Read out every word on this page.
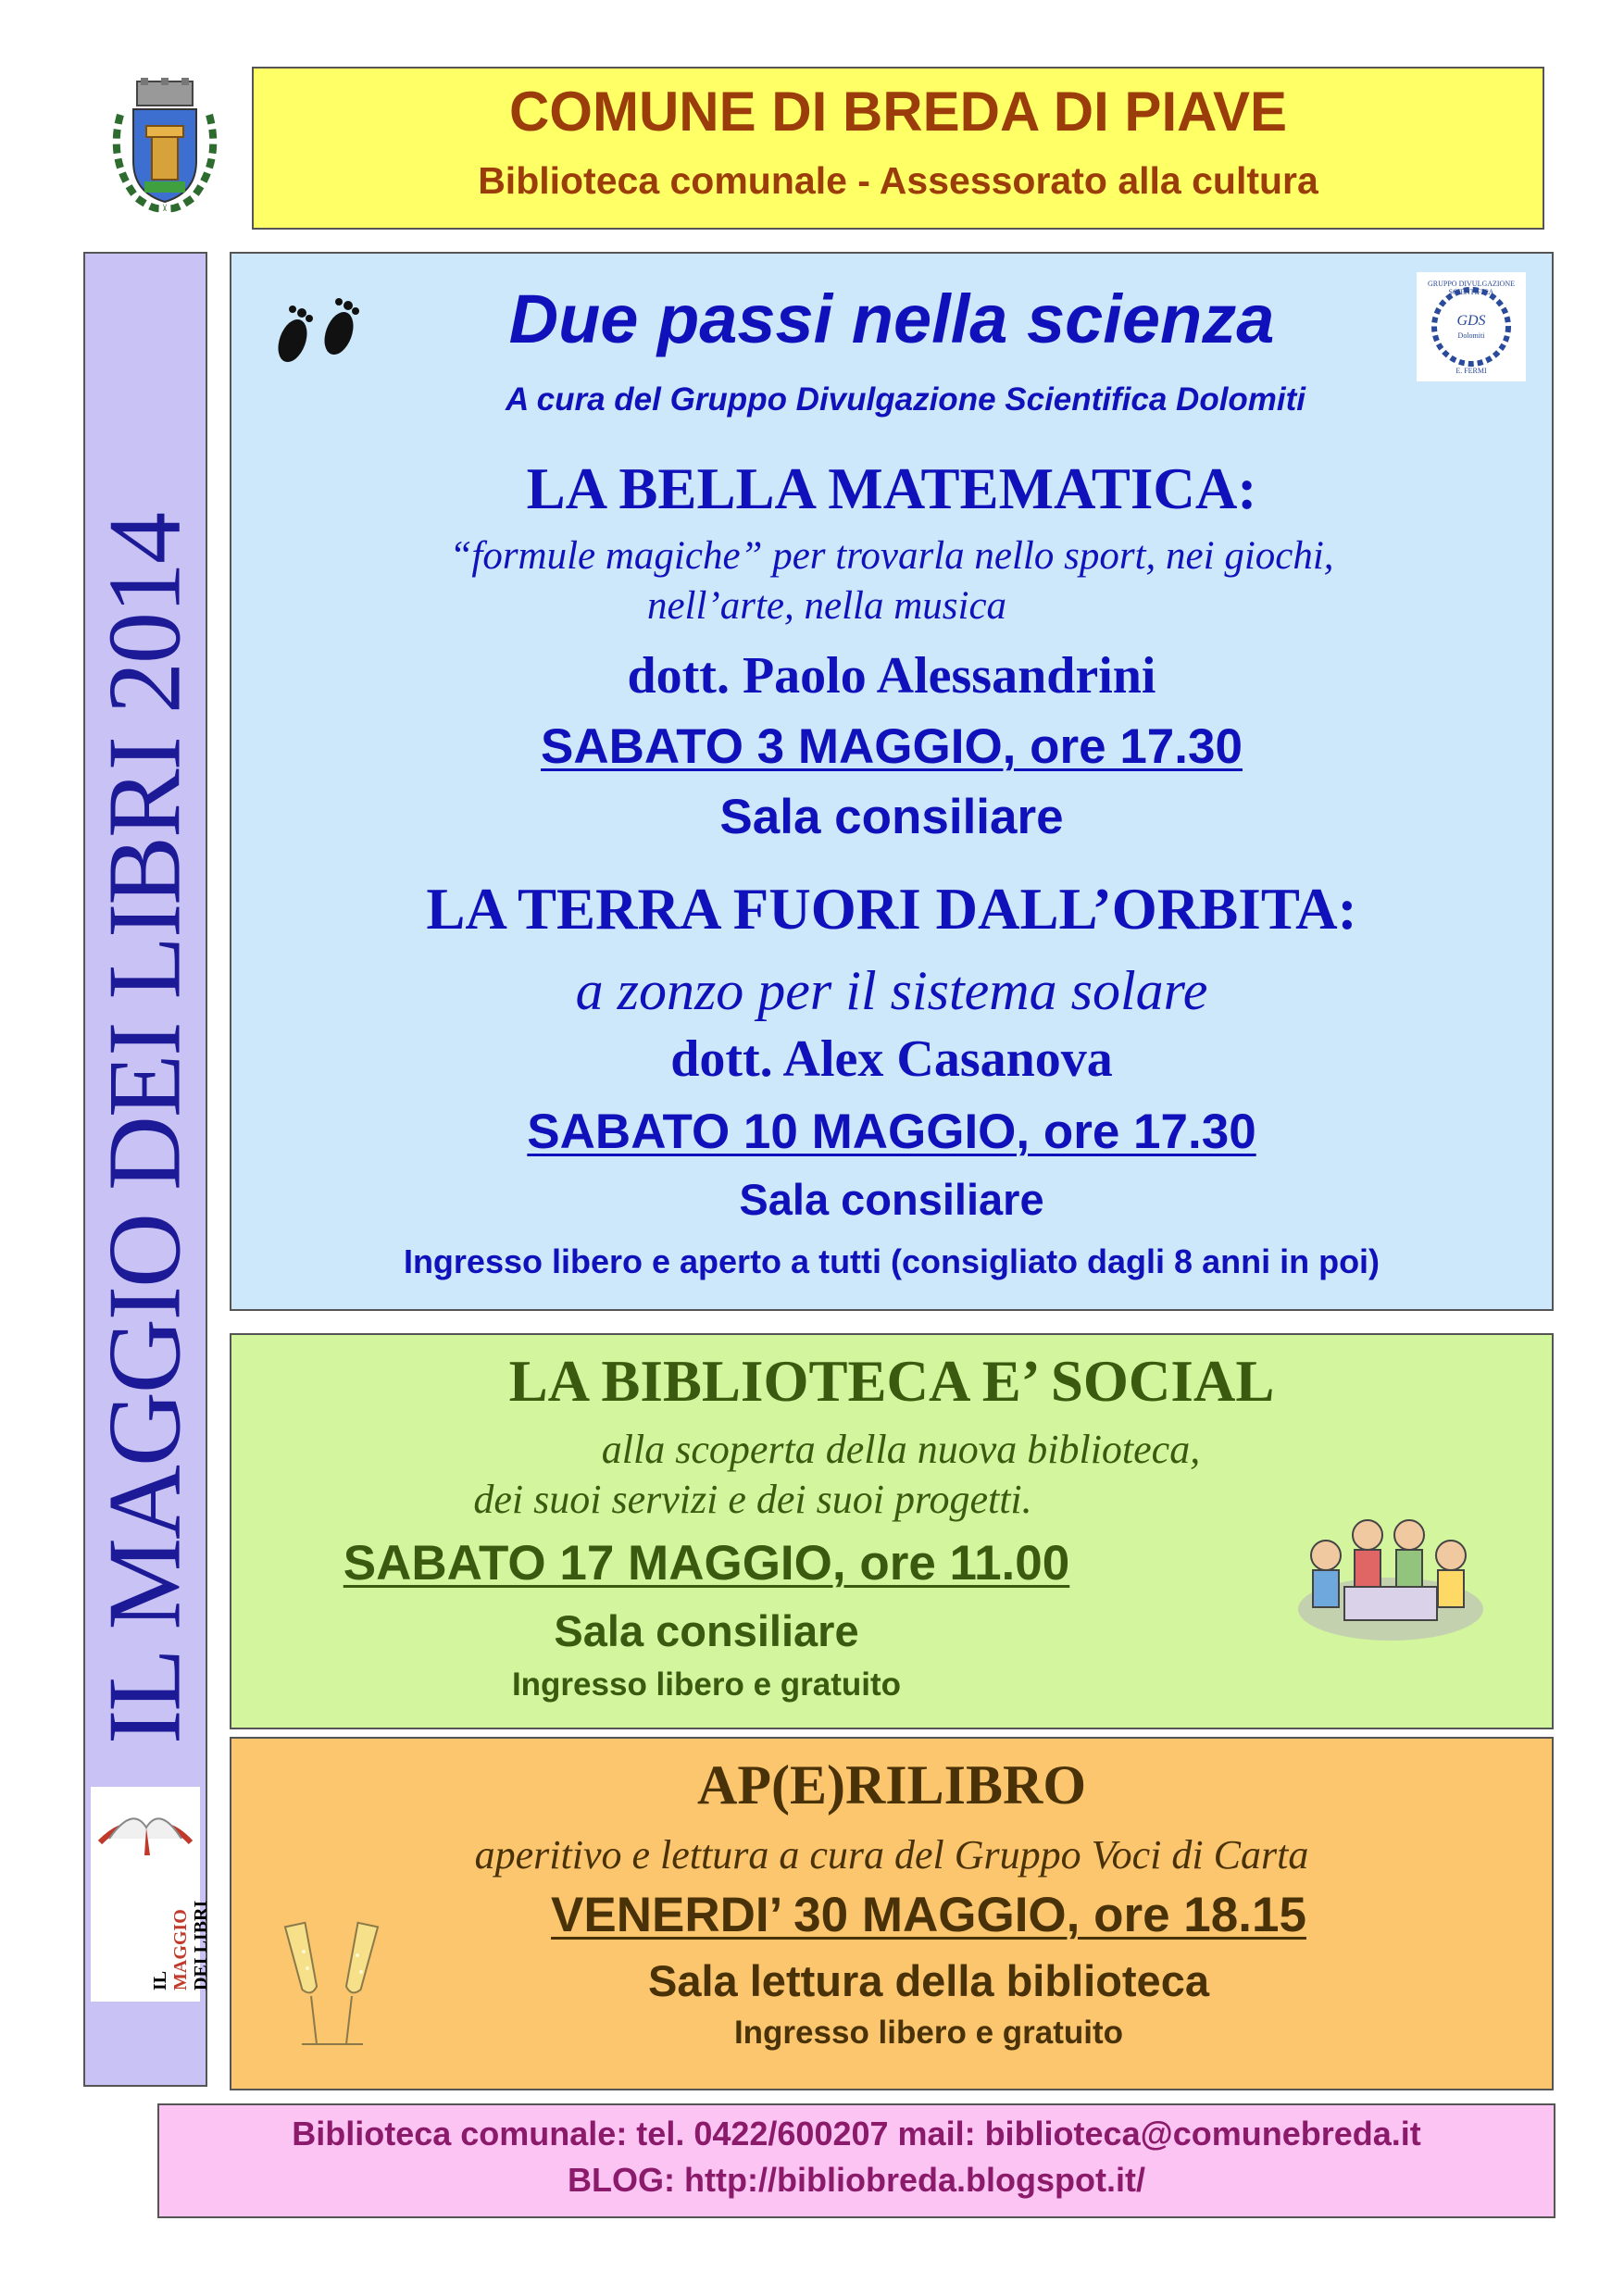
COMUNE DI BREDA DI PIAVE
Biblioteca comunale - Assessorato alla cultura
IL MAGGIO DEI LIBRI 2014
IL MAGGIO DEI LIBRI
GRUPPO DIVULGAZIONE SCIENTIFICA
GDS
Dolomiti
E. FERMI
Due passi nella scienza
A cura del Gruppo Divulgazione Scientifica Dolomiti
LA BELLA MATEMATICA:
“formule magiche” per trovarla nello sport, nei giochi,
nell’arte, nella musica
dott. Paolo Alessandrini
SABATO 3 MAGGIO, ore 17.30
Sala consiliare
LA TERRA FUORI DALL’ORBITA:
a zonzo per il sistema solare
dott. Alex Casanova
SABATO 10 MAGGIO, ore 17.30
Sala consiliare
Ingresso libero e aperto a tutti (consigliato dagli 8 anni in poi)
LA BIBLIOTECA E’ SOCIAL
alla scoperta della nuova biblioteca,
dei suoi servizi e dei suoi progetti.
SABATO 17 MAGGIO, ore 11.00
Sala consiliare
Ingresso libero e gratuito
AP(E)RILIBRO
aperitivo e lettura a cura del Gruppo Voci di Carta
VENERDI’ 30 MAGGIO, ore 18.15
Sala lettura della biblioteca
Ingresso libero e gratuito
Biblioteca comunale: tel. 0422/600207 mail: biblioteca@comunebreda.it
BLOG: http://bibliobreda.blogspot.it/
